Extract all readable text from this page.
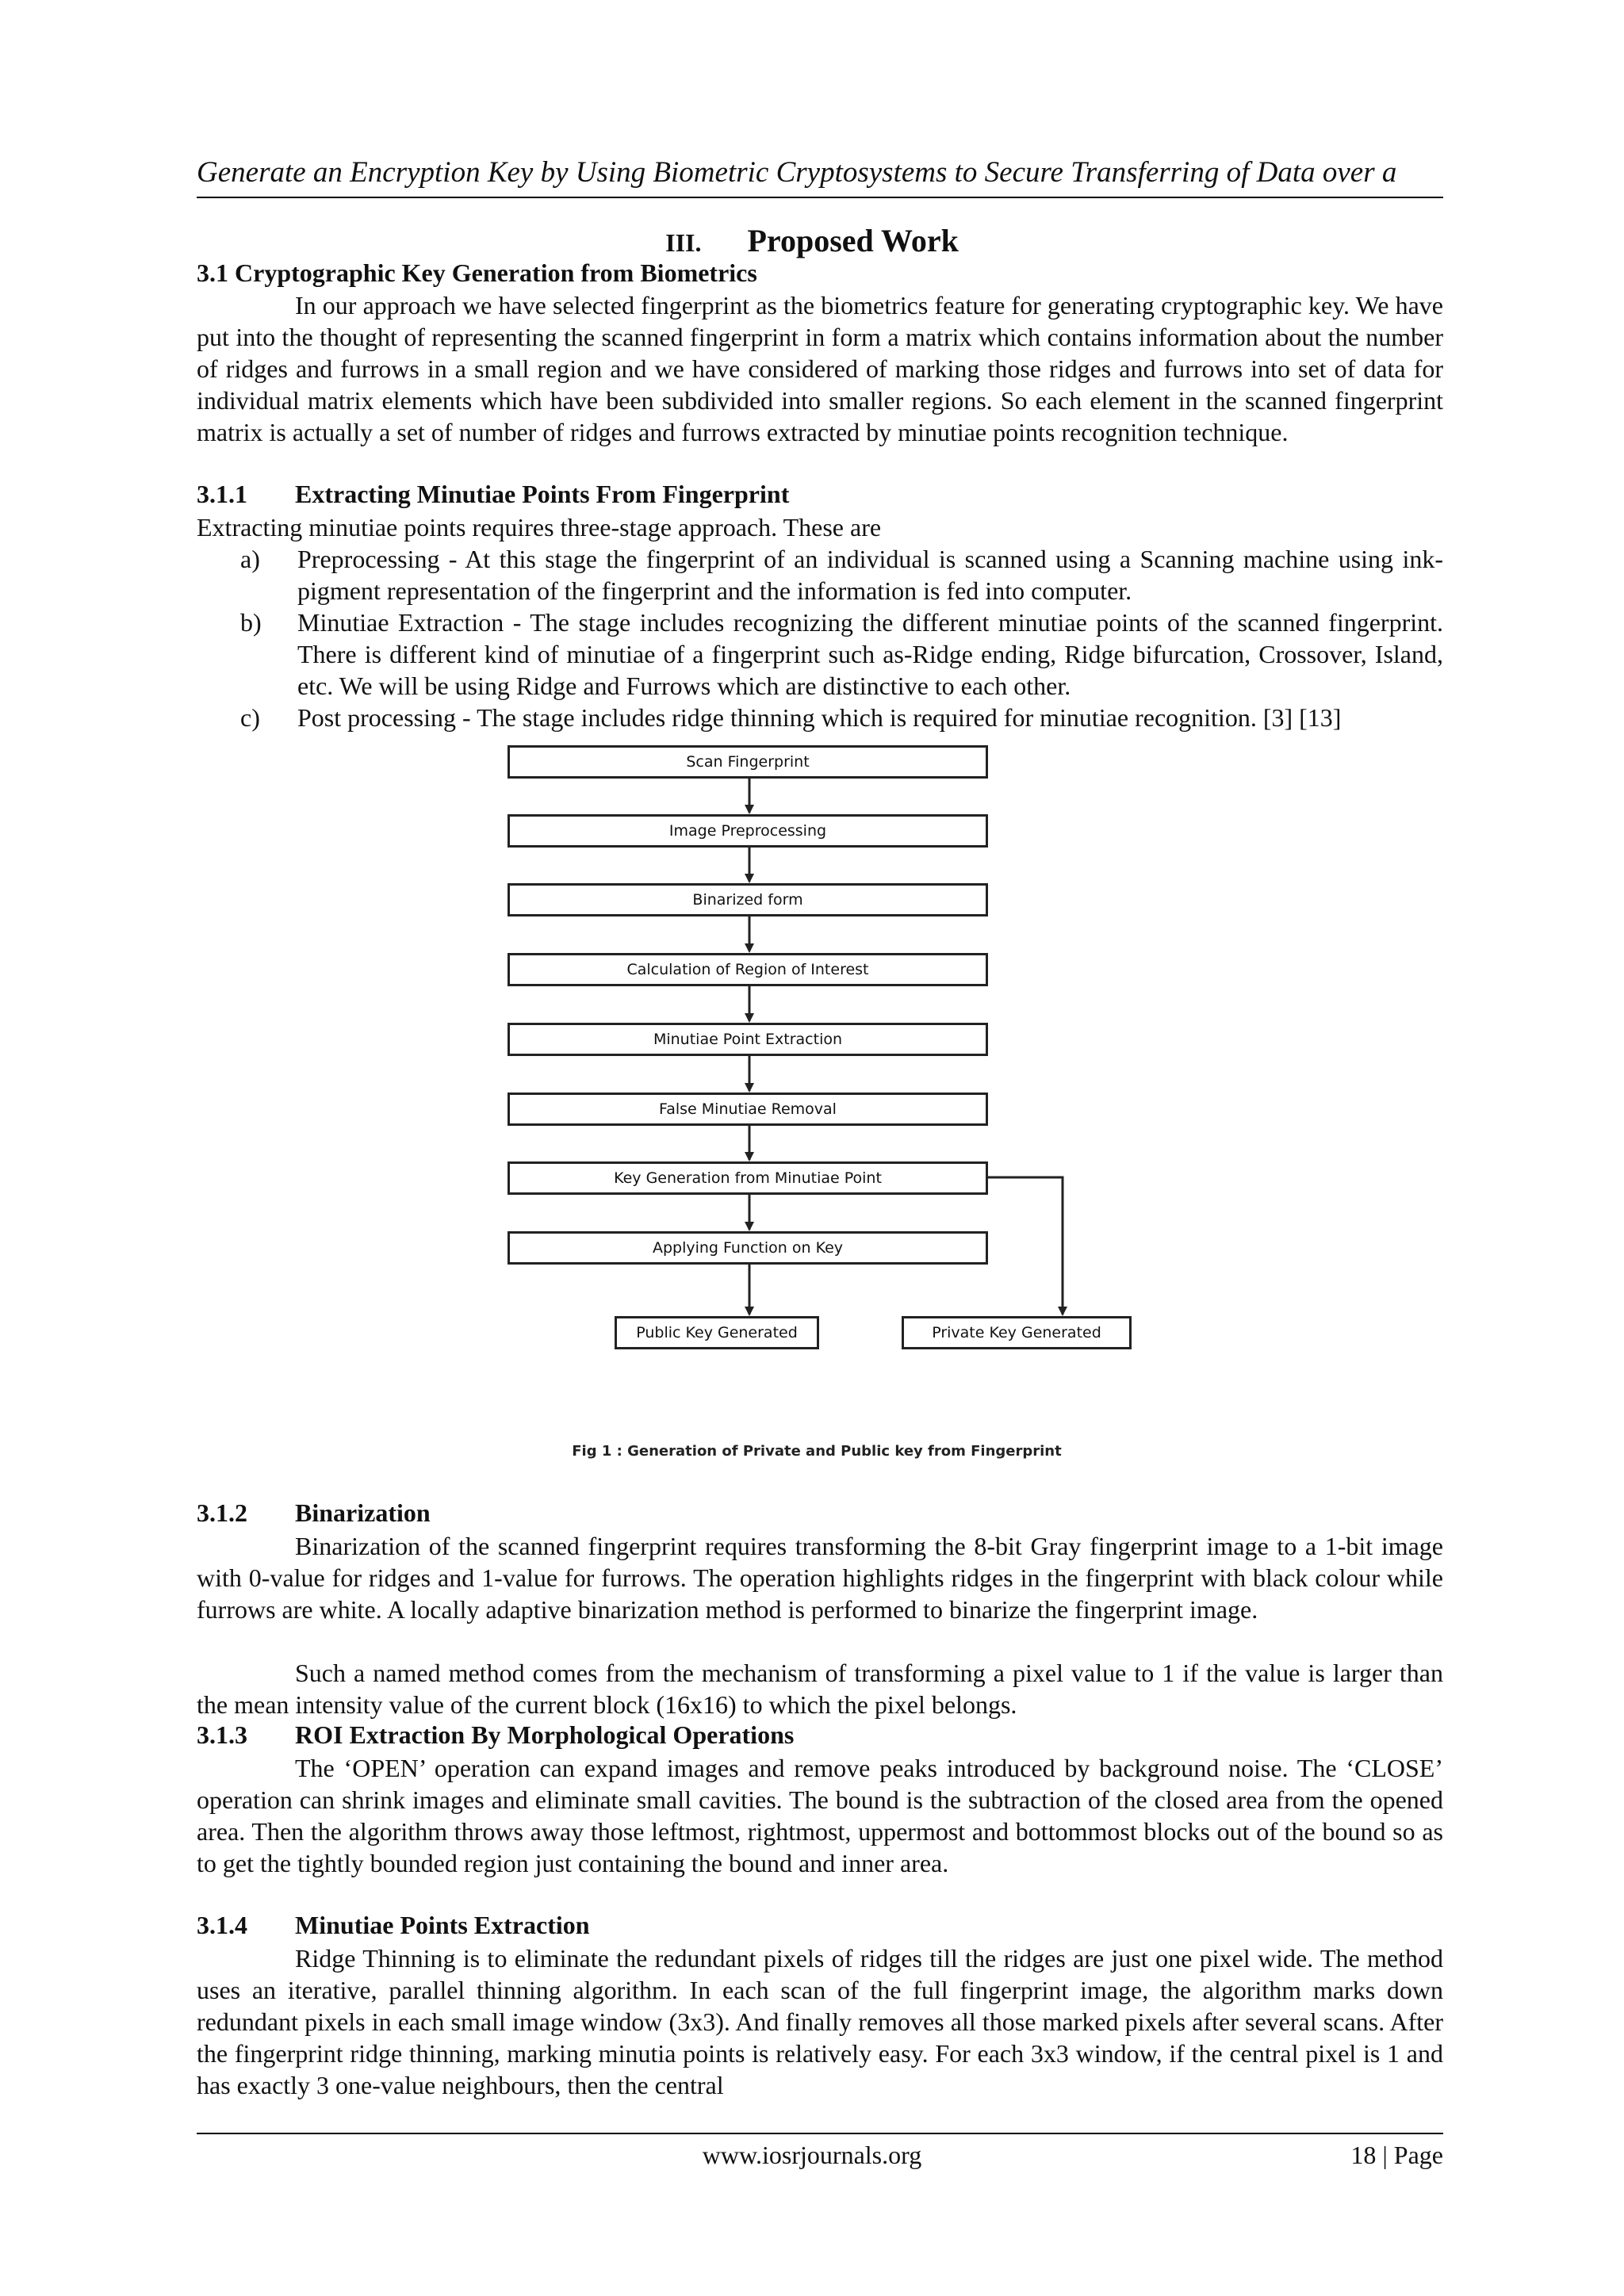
Generate an Encryption Key by Using Biometric Cryptosystems to Secure Transferring of Data over a
III. Proposed Work
3.1 Cryptographic Key Generation from Biometrics
In our approach we have selected fingerprint as the biometrics feature for generating cryptographic key. We have put into the thought of representing the scanned fingerprint in form a matrix which contains information about the number of ridges and furrows in a small region and we have considered of marking those ridges and furrows into set of data for individual matrix elements which have been subdivided into smaller regions. So each element in the scanned fingerprint matrix is actually a set of number of ridges and furrows extracted by minutiae points recognition technique.
3.1.1 Extracting Minutiae Points From Fingerprint
Extracting minutiae points requires three-stage approach. These are
a) Preprocessing - At this stage the fingerprint of an individual is scanned using a Scanning machine using ink-pigment representation of the fingerprint and the information is fed into computer.
b) Minutiae Extraction - The stage includes recognizing the different minutiae points of the scanned fingerprint. There is different kind of minutiae of a fingerprint such as-Ridge ending, Ridge bifurcation, Crossover, Island, etc. We will be using Ridge and Furrows which are distinctive to each other.
c) Post processing - The stage includes ridge thinning which is required for minutiae recognition. [3] [13]
Scan Fingerprint
Image Preprocessing
Binarized form
Calculation of Region of Interest
Minutiae Point Extraction
False Minutiae Removal
Key Generation from Minutiae Point
Applying Function on Key
Public Key Generated	Private Key Generated
Fig 1 : Generation of Private and Public key from Fingerprint
3.1.2 Binarization
Binarization of the scanned fingerprint requires transforming the 8-bit Gray fingerprint image to a 1-bit image with 0-value for ridges and 1-value for furrows. The operation highlights ridges in the fingerprint with black colour while furrows are white. A locally adaptive binarization method is performed to binarize the fingerprint image.
Such a named method comes from the mechanism of transforming a pixel value to 1 if the value is larger than the mean intensity value of the current block (16x16) to which the pixel belongs.
3.1.3 ROI Extraction By Morphological Operations
The ‘OPEN’ operation can expand images and remove peaks introduced by background noise. The ‘CLOSE’ operation can shrink images and eliminate small cavities. The bound is the subtraction of the closed area from the opened area. Then the algorithm throws away those leftmost, rightmost, uppermost and bottommost blocks out of the bound so as to get the tightly bounded region just containing the bound and inner area.
3.1.4 Minutiae Points Extraction
Ridge Thinning is to eliminate the redundant pixels of ridges till the ridges are just one pixel wide. The method uses an iterative, parallel thinning algorithm. In each scan of the full fingerprint image, the algorithm marks down redundant pixels in each small image window (3x3). And finally removes all those marked pixels after several scans. After the fingerprint ridge thinning, marking minutia points is relatively easy. For each 3x3 window, if the central pixel is 1 and has exactly 3 one-value neighbours, then the central
www.iosrjournals.org	18 | Page
